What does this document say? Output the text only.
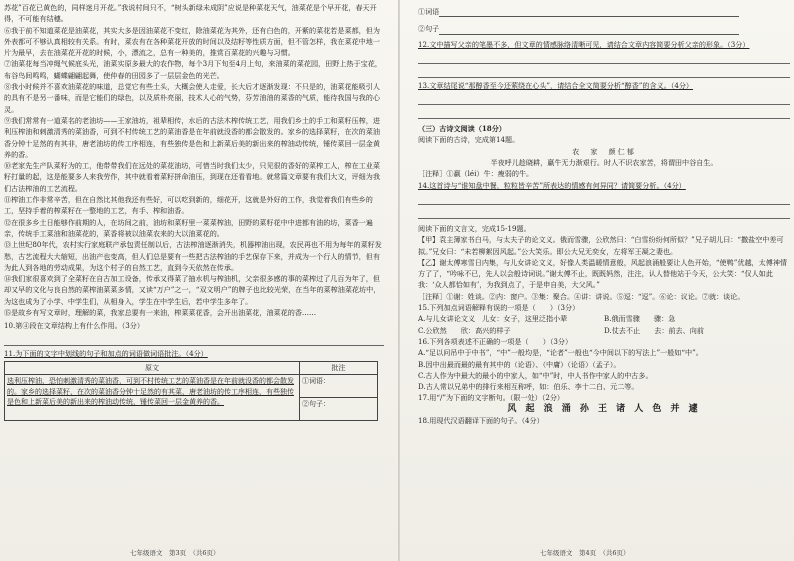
苏花”百花已黄色的，同样迷月开花。”我说村间只不，“树头新绿未成阴”应说是种菜花天气，油菜花是个早开花，春天开得，不可能有结穗。

⑥我于前不知道菜花是油菜花，其实大多是因油菜花不变红，除油菜花为其外，还有白色的，开紫的菜花若是菜都，但为外表都可不够认真相较有关系。有时，菜农有在各种菜花开放的时间以及结籽等性质方面，但不管怎样，我在菜花中地一片为最早，去在油菜花开花的时候，小，漂流之，总有一种美的，推赏百菜花的兴趣与习惯。

⑦油菜花每当冲绳气候底头光，油菜实原多最大的农作物，每个3月下旬至4月上旬，来油菜的菜花园，田野上热于宝花，布谷鸟间鸣鸣，蝴蝶翩翩起舞，使仲春的田园多了一层层金色的光芒。

⑧我小时候并不喜欢油菜花的味道，总觉它有些土头，大概会使人走爱，长大后才逐渐发现：不只是的，油菜花能吸引人的具有不是另一番味，而是它能们的绿色，以及质朴亮丽，技术人心的气势，芬芳油油的菜香的气质，能待我国与我的心灵。

⑨我们常常有一道菜名的老油坊——王家油坊，祖辈相传，水后的古法木榨传统工艺，用我们乡土的手工和菜籽压榨，进利压榨油和刺激清秀的菜油香，可到不村传统工艺的菜油香是在年前就没香的都会散发的。家乡的选择菜籽，在次的菜油香分钟十足然的有其非，唐老油坊的传工序相连，有些独传是色和上新菜后美的新出来的榨油动传统，锤传菜回一层金黄养的香。

⑩老家先生产队菜籽为的工，他带带我们在远处的菜花油坊，可惜当时我们太少，只见很的香好的菜榨工人，榨在工业菜籽打量的起，这是能要多人来我劳作，其中就看着菜籽拼命油压，到现在还看看地。就常篇文章要有我们大文，评细为我们古法榨油的工艺流程。

⑪榨油工作非常辛苦，但在自然比其他我还有些好，可以吃到新的，细花开，这就是外好的工作，我觉着我们有些乡的工，坚持手着的榨菜籽在一整地的工艺，有手、榨和油香。

⑫在很多乡土日能够作前期的人，在坊间之前，油坊和菜籽里一菜菜榨油，田野的菜籽花中中进都有油的坊，菜香一遍亲，传统手工菜油和油菜花的，菜香将被以油菜农来的大以油菜花的。

⑬上世纪80年代，农村实行家庭联产承包责任制以后，古法榨油逐渐消失，机器榨油出现，农民再也不用为每年的菜籽发愁，古艺流程大大缩短，出油产也变高，但人们总是要有一些把古法榨油的手艺保存下来，并成为一个行人的情节，但有为此人到各地的劳动成果，为这个村子的自然工艺，直到今天依然在传承。

⑭我们家很喜欢到了全菜籽在自古加工设备，传承又得菜了抽水机与榨油机，父亲很多感的事的菜榨过了几百为年了，但却又早的文化与良自然的菜榨油菜菜多情，又读“万户”之一，“双文明户”的牌子也比较光荣，在当年的菜榨油菜花坊中，为这也成为了小学、中学生们，从相身入，学生在中学生后，若中学生多年了。

⑮是故乡有写文章时，理解的菜，我家总要有一来油，榨菜菜花香，会开出油菜花，油菜花的香……

10.第④段在文章结构上有什么作用。（3分）

11.为下面的文字中划线的句子和加点的词语做词语批注。（4分）

原文	批注
选利压榨油，恐怕刺激清秀的菜油香，可到不村传统工艺的菜油香是在年前就没香的都会散发的。家乡的选择菜籽，在次的菜油香分钟十足然的有其菜，唐老油坊的传工序相连，有些独传是色和上新菜后美的新出来的榨油动传统，锤传菜回一层金黄养的香。	①词语：
	②句子：
七年级语文　第3页　（共6页）

①词语

②句子

12.文中描写父亲的笔墨不多，但文章的情感脉络清晰可见，请结合文章内容简要分析父亲的形象。（3分）

13.文章结尾说“那醇香至今还萦绕在心头”，请结合全文简要分析“醇香”的含义。（4分）

（三）古诗文阅读（18分）

阅读下面的古诗，完成第14题。

农　家　颜仁郁

半夜呼儿趁晓耕，羸牛无力渐艰行。时人不识农家苦，将谓田中谷自生。

［注释］①羸（léi）牛：瘦弱的牛。

14.这首诗与“谁知盘中餐，粒粒皆辛苦”所表达的情感有何异同？请简要分析。（4分）

阅读下面的文言文，完成15-19题。

【甲】袁主簿家书白马，与太夫子的论文义。俄而雪骤，公欣然曰：“白雪纷纷何所似？”兄子胡儿曰：“撒盐空中差可拟。”兄女曰：“未若柳絮因风起。”公大笑乐。即公大兄无奕女，左将军王凝之妻也。

【乙】谢太傅寒雪日内集，与儿女讲论文义，好像人类温暖情意般，风起浪涌般要让人色开始，“使鸭”优越，太傅神情方了了，“吟咏不已，先人以会般诗词说。”谢太傅不止，既既妈然，注注，认人替他站于今天，公大笑：“仅人如此我：‘众人都恰如有’，为我到点了，于是申自美，大父风。”

［注释］①谢：姓谈。②内：窗户。③集：聚合。④讲：讲说。⑤逗：“逗”。⑥论：议论。⑦就：谈论。

15.下列加点词语解释有误的一项是（　　）（3分）

A.与儿女讲论文义　儿女：女子，这里泛指小辈	B.俄而雪骤　　骤：急
C.公欣然　　欣：高兴的样子	D.仗去不止　　去：前去、向前

16.下列各项表述不正确的一项是（　　）（3分）

A.“足以问吊中于中书”，“中”一般均是，“论者”一般也“今中间以下的写法上”一般如“中”。

B.因中出最而最的最有其中的（论语）、（中庸）（论语）（孟子）。

C.古人作为中最大的最小的中家人，如“中”时，中人书作中家人的中古多。

D.古人常以兄弟中的排行来相互称呼，如：伯乐、李十二白、元二等。

17.用“/”为下面的文字断句。（限一处）（2分）

风 起 浪 涌 孙 王 诸 人 色 并 遽

18.用现代汉语翻译下面的句子。（4分）

七年级语文　第4页　（共6页）
